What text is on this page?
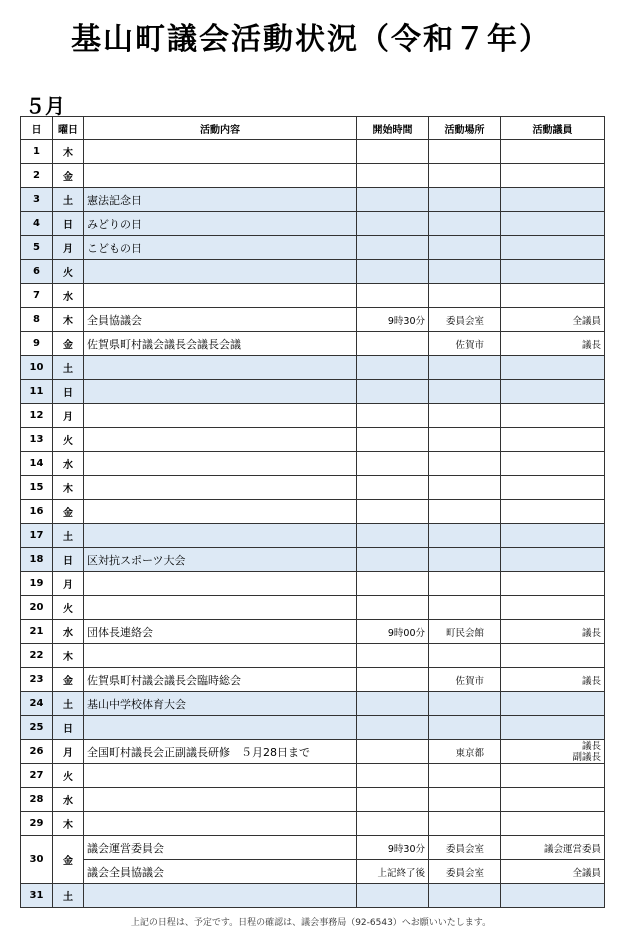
基山町議会活動状況（令和７年）
５月
日	曜日	活動内容	開始時間	活動場所	活動議員
1	木				
2	金				
3	土	憲法記念日			
4	日	みどりの日			
5	月	こどもの日			
6	火				
7	水				
8	木	全員協議会	9時30分	委員会室	全議員
9	金	佐賀県町村議会議長会議長会議		佐賀市	議長
10	土				
11	日				
12	月				
13	火				
14	水				
15	木				
16	金				
17	土				
18	日	区対抗スポーツ大会			
19	月				
20	火				
21	水	団体長連絡会	9時00分	町民会館	議長
22	木				
23	金	佐賀県町村議会議長会臨時総会		佐賀市	議長
24	土	基山中学校体育大会			
25	日				
26	月	全国町村議長会正副議長研修　５月28日まで		東京都	議長
副議長

27	火				
28	水				
29	木				
30	金	議会運営委員会	9時30分	委員会室	議会運営委員
		議会全員協議会	上記終了後	委員会室	全議員
31	土				
上記の日程は、予定です。日程の確認は、議会事務局（92-6543）へお願いいたします。
